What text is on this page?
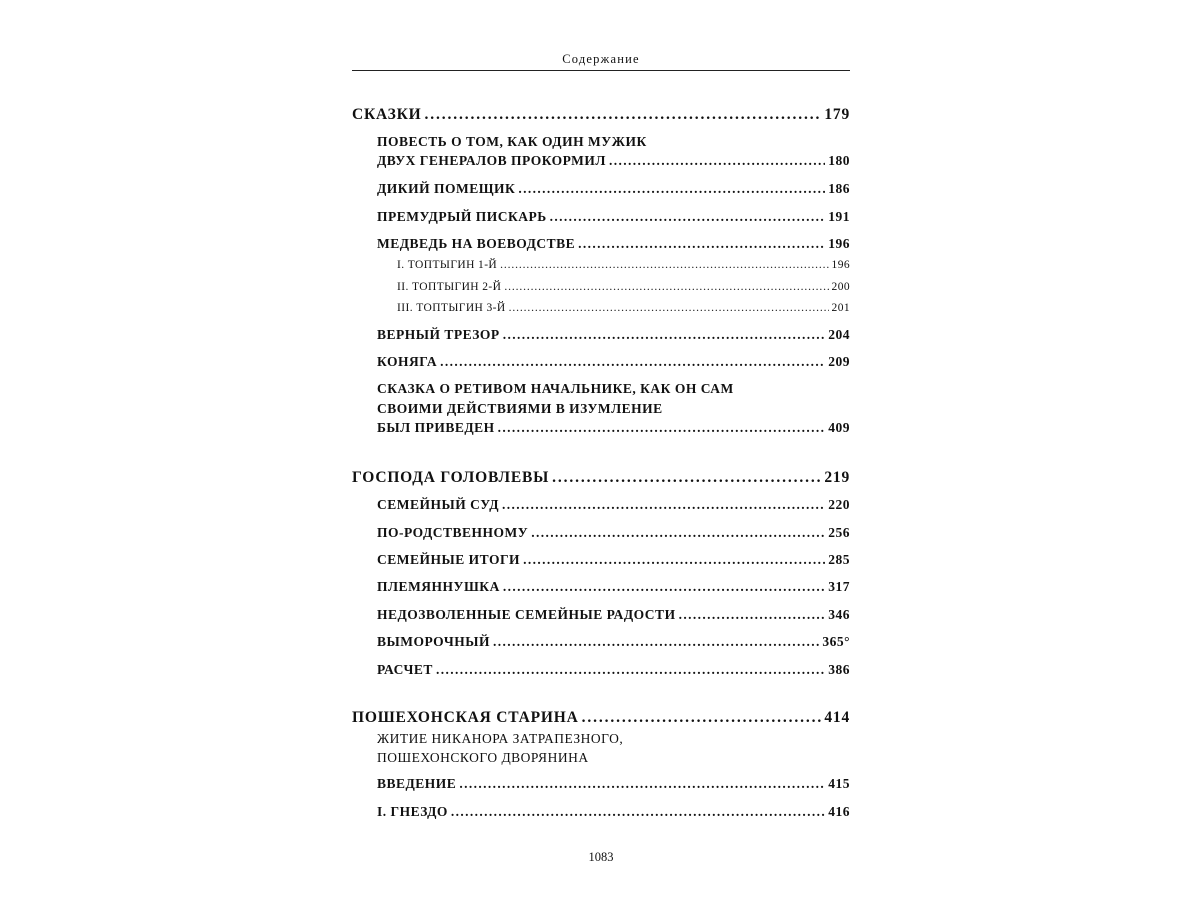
Содержание
СКАЗКИ . . .	179
ПОВЕСТЬ О ТОМ, КАК ОДИН МУЖИК
ДВУХ ГЕНЕРАЛОВ ПРОКОРМИЛ . . .	180
ДИКИЙ ПОМЕЩИК . . .	186
ПРЕМУДРЫЙ ПИСКАРЬ . . .	191
МЕДВЕДЬ НА ВОЕВОДСТВЕ . . .	196
I. ТОПТЫГИН 1-Й . . .	196
II. ТОПТЫГИН 2-Й . . .	200
III. ТОПТЫГИН 3-Й . . .	201
ВЕРНЫЙ ТРЕЗОР . . .	204
КОНЯГА . . .	209
СКАЗКА О РЕТИВОМ НАЧАЛЬНИКЕ, КАК ОН САМ
СВОИМИ ДЕЙСТВИЯМИ В ИЗУМЛЕНИЕ
БЫЛ ПРИВЕДЕН . . .	409
ГОСПОДА ГОЛОВЛЕВЫ . . .	219
СЕМЕЙНЫЙ СУД . . .	220
ПО-РОДСТВЕННОМУ . . .	256
СЕМЕЙНЫЕ ИТОГИ . . .	285
ПЛЕМЯННУШКА . . .	317
НЕДОЗВОЛЕННЫЕ СЕМЕЙНЫЕ РАДОСТИ . . .	346
ВЫМОРОЧНЫЙ . . .	365°
РАСЧЕТ . . .	386
ПОШЕХОНСКАЯ СТАРИНА . . .	414
ЖИТИЕ НИКАНОРА ЗАТРАПЕЗНОГО,
ПОШЕХОНСКОГО ДВОРЯНИНА
ВВЕДЕНИЕ . . .	415
I. ГНЕЗДО . . .	416
1083
